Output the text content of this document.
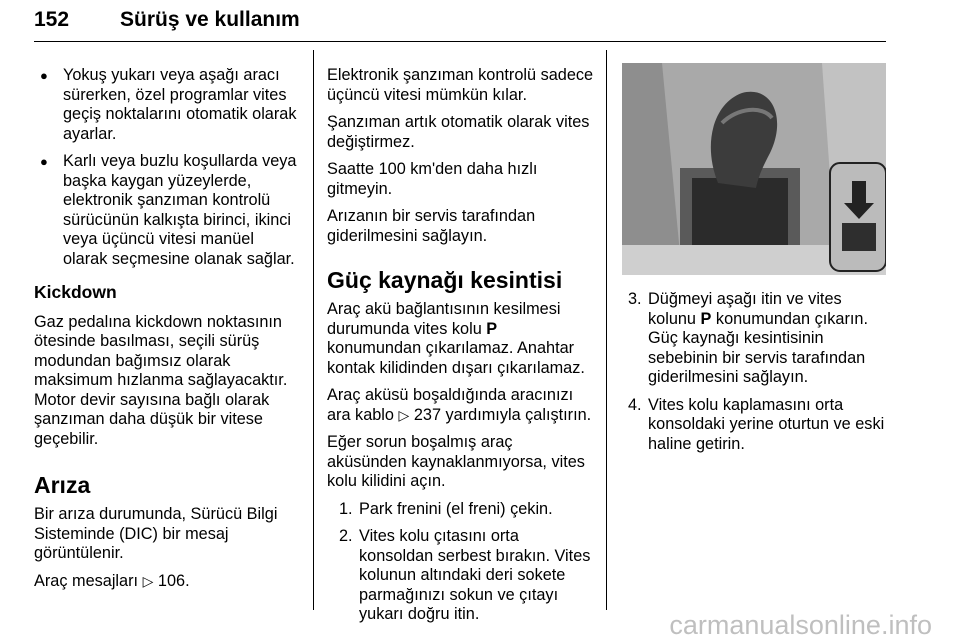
152 Sürüş ve kullanım
● Yokuş yukarı veya aşağı aracı sürerken, özel programlar vites geçiş noktalarını otomatik olarak ayarlar.
● Karlı veya buzlu koşullarda veya başka kaygan yüzeylerde, elektronik şanzıman kontrolü sürücünün kalkışta birinci, ikinci veya üçüncü vitesi manüel olarak seçmesine olanak sağlar.
Kickdown

Gaz pedalına kickdown noktasının ötesinde basılması, seçili sürüş modundan bağımsız olarak maksimum hızlanma sağlayacaktır. Motor devir sayısına bağlı olarak şanzıman daha düşük bir vitese geçebilir.

Arıza

Bir arıza durumunda, Sürücü Bilgi Sisteminde (DIC) bir mesaj görüntülenir.

Araç mesajları ▷ 106.

Elektronik şanzıman kontrolü sadece üçüncü vitesi mümkün kılar.

Şanzıman artık otomatik olarak vites değiştirmez.

Saatte 100 km'den daha hızlı gitmeyin.

Arızanın bir servis tarafından giderilmesini sağlayın.

Güç kaynağı kesintisi

Araç akü bağlantısının kesilmesi durumunda vites kolu P konumundan çıkarılamaz. Anahtar kontak kilidinden dışarı çıkarılamaz.

Araç aküsü boşaldığında aracınızı ara kablo ▷ 237 yardımıyla çalıştırın.

Eğer sorun boşalmış araç aküsünden kaynaklanmıyorsa, vites kolu kilidini açın.

1. Park frenini (el freni) çekin.
2. Vites kolu çıtasını orta konsoldan serbest bırakın. Vites kolunun altındaki deri sokete parmağınızı sokun ve çıtayı yukarı doğru itin.
3. Düğmeyi aşağı itin ve vites kolunu P konumundan çıkarın. Güç kaynağı kesintisinin sebebinin bir servis tarafından giderilmesini sağlayın.
4. Vites kolu kaplamasını orta konsoldaki yerine oturtun ve eski haline getirin.
carmanualsonline.info
